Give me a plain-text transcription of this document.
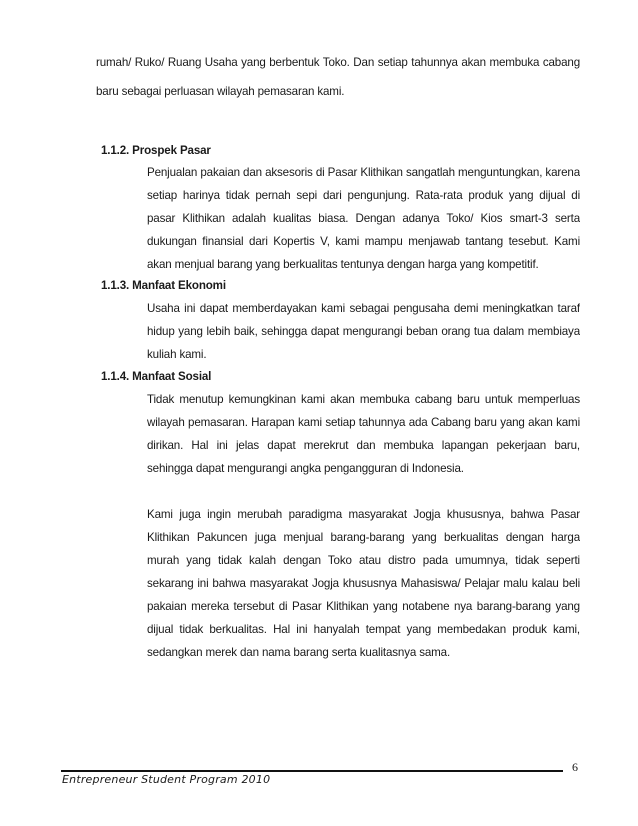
rumah/ Ruko/ Ruang Usaha yang berbentuk Toko. Dan setiap tahunnya akan membuka cabang
baru sebagai perluasan wilayah pemasaran kami.
1.1.2. Prospek Pasar
Penjualan pakaian dan aksesoris di Pasar Klithikan sangatlah menguntungkan, karena
setiap harinya tidak pernah sepi dari pengunjung. Rata-rata produk yang dijual di
pasar Klithikan adalah kualitas biasa. Dengan adanya Toko/ Kios smart-3 serta
dukungan finansial dari Kopertis V, kami mampu menjawab tantang tesebut. Kami
akan menjual barang yang berkualitas tentunya dengan harga yang kompetitif.
1.1.3. Manfaat Ekonomi
Usaha ini dapat memberdayakan kami sebagai pengusaha demi meningkatkan taraf
hidup yang lebih baik, sehingga dapat mengurangi beban orang tua dalam membiaya
kuliah kami.
1.1.4. Manfaat Sosial
Tidak menutup kemungkinan kami akan membuka cabang baru untuk memperluas
wilayah pemasaran. Harapan kami setiap tahunnya ada Cabang baru yang akan kami
dirikan. Hal ini jelas dapat merekrut dan membuka lapangan pekerjaan baru,
sehingga dapat mengurangi angka pengangguran di Indonesia.
Kami juga ingin merubah paradigma masyarakat Jogja khususnya, bahwa Pasar
Klithikan Pakuncen juga menjual barang-barang yang berkualitas dengan harga
murah yang tidak kalah dengan Toko atau distro pada umumnya, tidak seperti
sekarang ini bahwa masyarakat Jogja khususnya Mahasiswa/ Pelajar malu kalau beli
pakaian mereka tersebut di Pasar Klithikan yang notabene nya barang-barang yang
dijual tidak berkualitas. Hal ini hanyalah tempat yang membedakan produk kami,
sedangkan merek dan nama barang serta kualitasnya sama.
6
Entrepreneur Student Program 2010
